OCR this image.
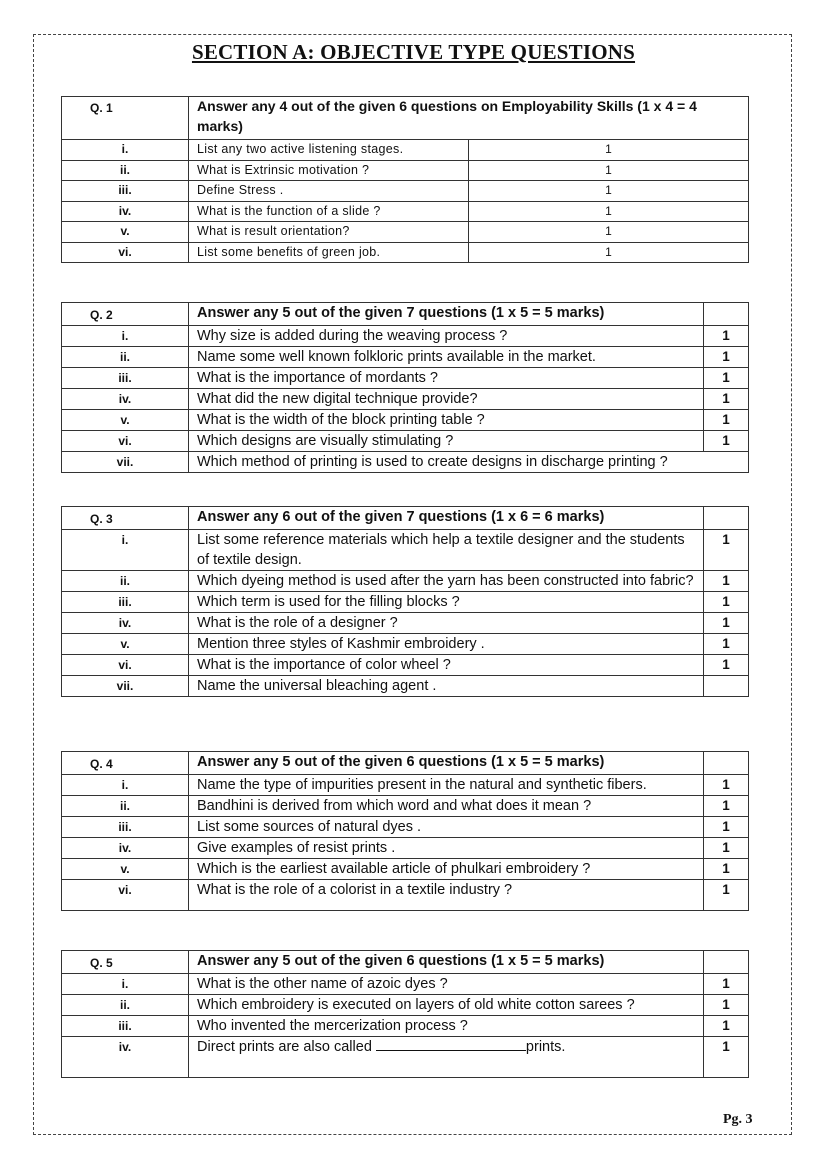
SECTION A: OBJECTIVE TYPE QUESTIONS
Q. 1	Answer any 4 out of the given 6 questions on Employability Skills (1 x 4 = 4 marks)	
i.	List any two active listening stages.	1
ii.	What is Extrinsic motivation ?	1
iii.	Define Stress .	1
iv.	What is the function of a slide ?	1
v.	What is result orientation?	1
vi.	List some benefits of green job.	1
Q. 2	Answer any 5 out of the given 7 questions (1 x 5 = 5 marks)	
i.	Why size is added during the weaving process ?	1
ii.	Name some well known folkloric prints available in the market.	1
iii.	What is the importance of mordants ?	1
iv.	What did the new digital technique provide?	1
v.	What is the width of the block printing table ?	1
vi.	Which designs are visually stimulating ?	1
vii.	Which method of printing is used to create designs in discharge printing ?	
Q. 3	Answer any 6 out of the given 7 questions (1 x 6 = 6 marks)	
i.	List some reference materials which help a textile designer and the students of textile design.	1
ii.	Which dyeing method is used after the yarn has been constructed into fabric?	1
iii.	Which term is used for the filling blocks ?	1
iv.	What is the role of a designer ?	1
v.	Mention three styles of Kashmir embroidery .	1
vi.	What is the importance of color wheel ?	1
vii.	Name the universal bleaching agent .	
Q. 4	Answer any 5 out of the given 6 questions (1 x 5 = 5 marks)	
i.	Name the type of impurities present in the natural and synthetic fibers.	1
ii.	Bandhini is derived from which word and what does it mean ?	1
iii.	List some sources of natural dyes .	1
iv.	Give examples of resist prints .	1
v.	Which is the earliest available article of phulkari embroidery ?	1
vi.	What is the role of a colorist in a textile industry ?	1
Q. 5	Answer any 5 out of the given 6 questions (1 x 5 = 5 marks)	
i.	What is the other name of azoic dyes ?	1
ii.	Which embroidery is executed on layers of old white cotton sarees ?	1
iii.	Who invented the mercerization process ?	1
iv.	Direct prints are also called prints.	1
Pg. 3
